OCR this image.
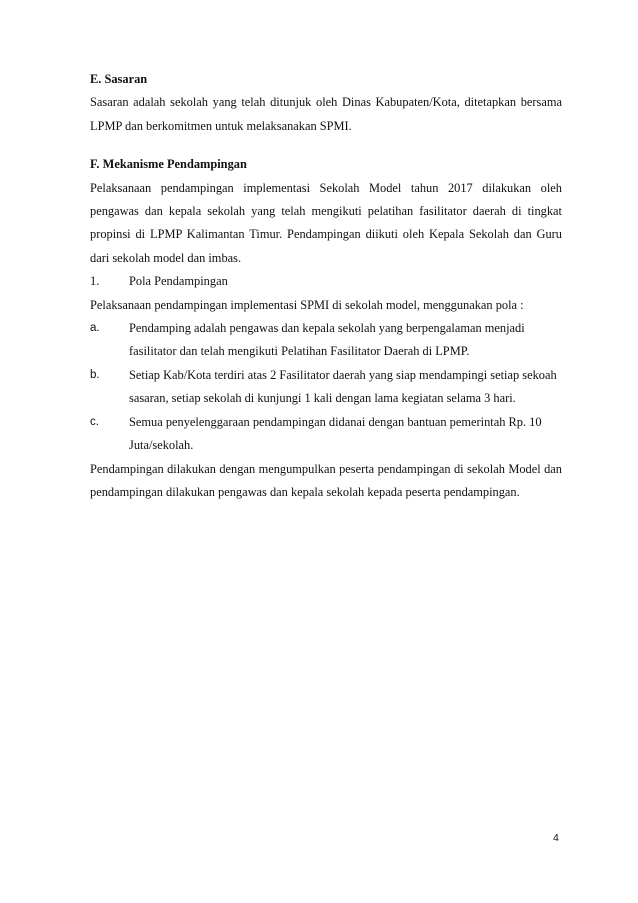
E. Sasaran

Sasaran adalah sekolah yang telah ditunjuk oleh Dinas Kabupaten/Kota, ditetapkan bersama LPMP dan berkomitmen untuk melaksanakan SPMI.

F. Mekanisme Pendampingan

Pelaksanaan pendampingan implementasi Sekolah Model tahun 2017 dilakukan oleh pengawas dan kepala sekolah yang telah mengikuti pelatihan fasilitator daerah di tingkat propinsi di LPMP Kalimantan Timur. Pendampingan diikuti oleh Kepala Sekolah dan Guru dari sekolah model dan imbas.

1.	Pola Pendampingan

Pelaksanaan pendampingan implementasi SPMI di sekolah model, menggunakan pola :

a.	Pendamping adalah pengawas dan kepala sekolah yang berpengalaman menjadi fasilitator dan telah mengikuti Pelatihan Fasilitator Daerah di LPMP.

b.	Setiap Kab/Kota terdiri atas 2 Fasilitator daerah yang siap mendampingi setiap sekoah sasaran, setiap sekolah di kunjungi 1 kali dengan lama kegiatan selama 3 hari.

c.	Semua penyelenggaraan pendampingan didanai dengan bantuan pemerintah Rp. 10 Juta/sekolah.

Pendampingan dilakukan dengan mengumpulkan peserta pendampingan di sekolah Model dan pendampingan dilakukan pengawas dan kepala sekolah kepada peserta pendampingan.

4
